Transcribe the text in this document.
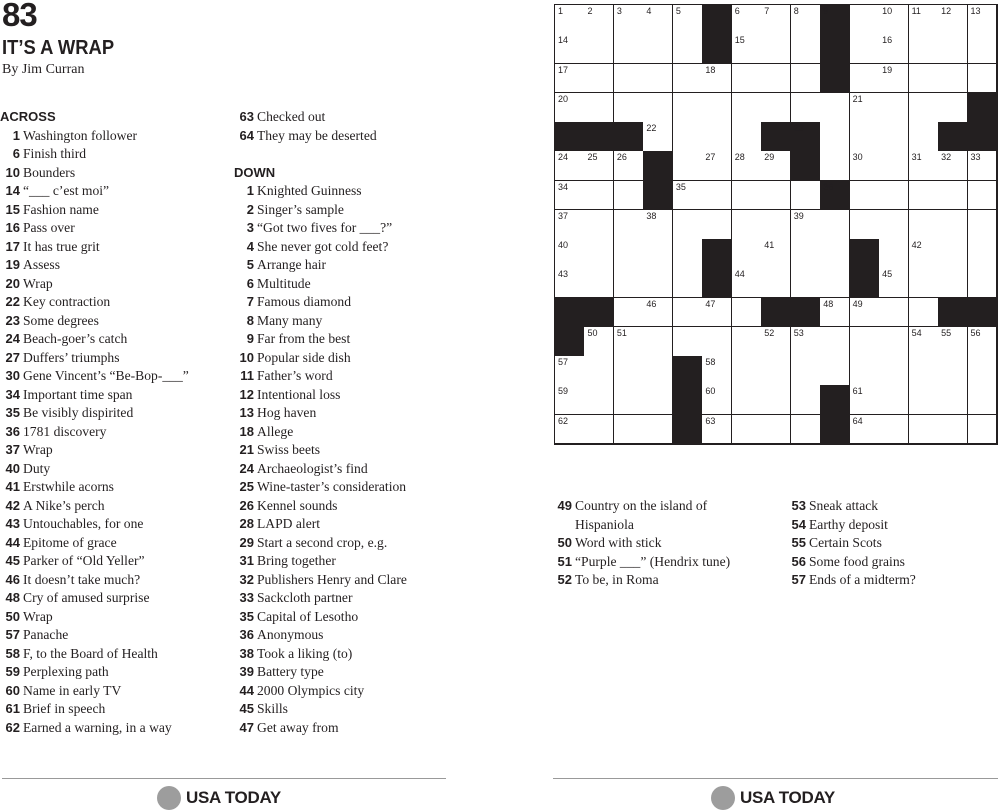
83
IT’S A WRAP
By Jim Curran
ACROSS
1 Washington follower
6 Finish third
10 Bounders
14 “___ c’est moi”
15 Fashion name
16 Pass over
17 It has true grit
19 Assess
20 Wrap
22 Key contraction
23 Some degrees
24 Beach-goer’s catch
27 Duffers’ triumphs
30 Gene Vincent’s “Be-Bop-___”
34 Important time span
35 Be visibly dispirited
36 1781 discovery
37 Wrap
40 Duty
41 Erstwhile acorns
42 A Nike’s perch
43 Untouchables, for one
44 Epitome of grace
45 Parker of “Old Yeller”
46 It doesn’t take much?
48 Cry of amused surprise
50 Wrap
57 Panache
58 F, to the Board of Health
59 Perplexing path
60 Name in early TV
61 Brief in speech
62 Earned a warning, in a way
63 Checked out
64 They may be deserted
DOWN
1 Knighted Guinness
2 Singer’s sample
3 “Got two fives for ___?”
4 She never got cold feet?
5 Arrange hair
6 Multitude
7 Famous diamond
8 Many many
9 Far from the best
10 Popular side dish
11 Father’s word
12 Intentional loss
13 Hog haven
18 Allege
21 Swiss beets
24 Archaeologist’s find
25 Wine-taster’s consideration
26 Kennel sounds
28 LAPD alert
29 Start a second crop, e.g.
31 Bring together
32 Publishers Henry and Clare
33 Sackcloth partner
35 Capital of Lesotho
36 Anonymous
38 Took a liking (to)
39 Battery type
44 2000 Olympics city
45 Skills
47 Get away from
49 Country on the island of Hispaniola
50 Word with stick
51 “Purple ___” (Hendrix tune)
52 To be, in Roma
53 Sneak attack
54 Earthy deposit
55 Certain Scots
56 Some food grains
57 Ends of a midterm?
1	2	3	4	5	6	7	8	9	10 11 12 13
14	15	16
17	18	19
20	21
22	23
24 25 26	27 28 29	30	31 32 33
34	35	36
37	38	39
40	41	42
43	44	45
46	47	48 49
50 51	52 53	54 55 56
57	58
59	60	61
62	63	64
USA TODAY	USA TODAY
